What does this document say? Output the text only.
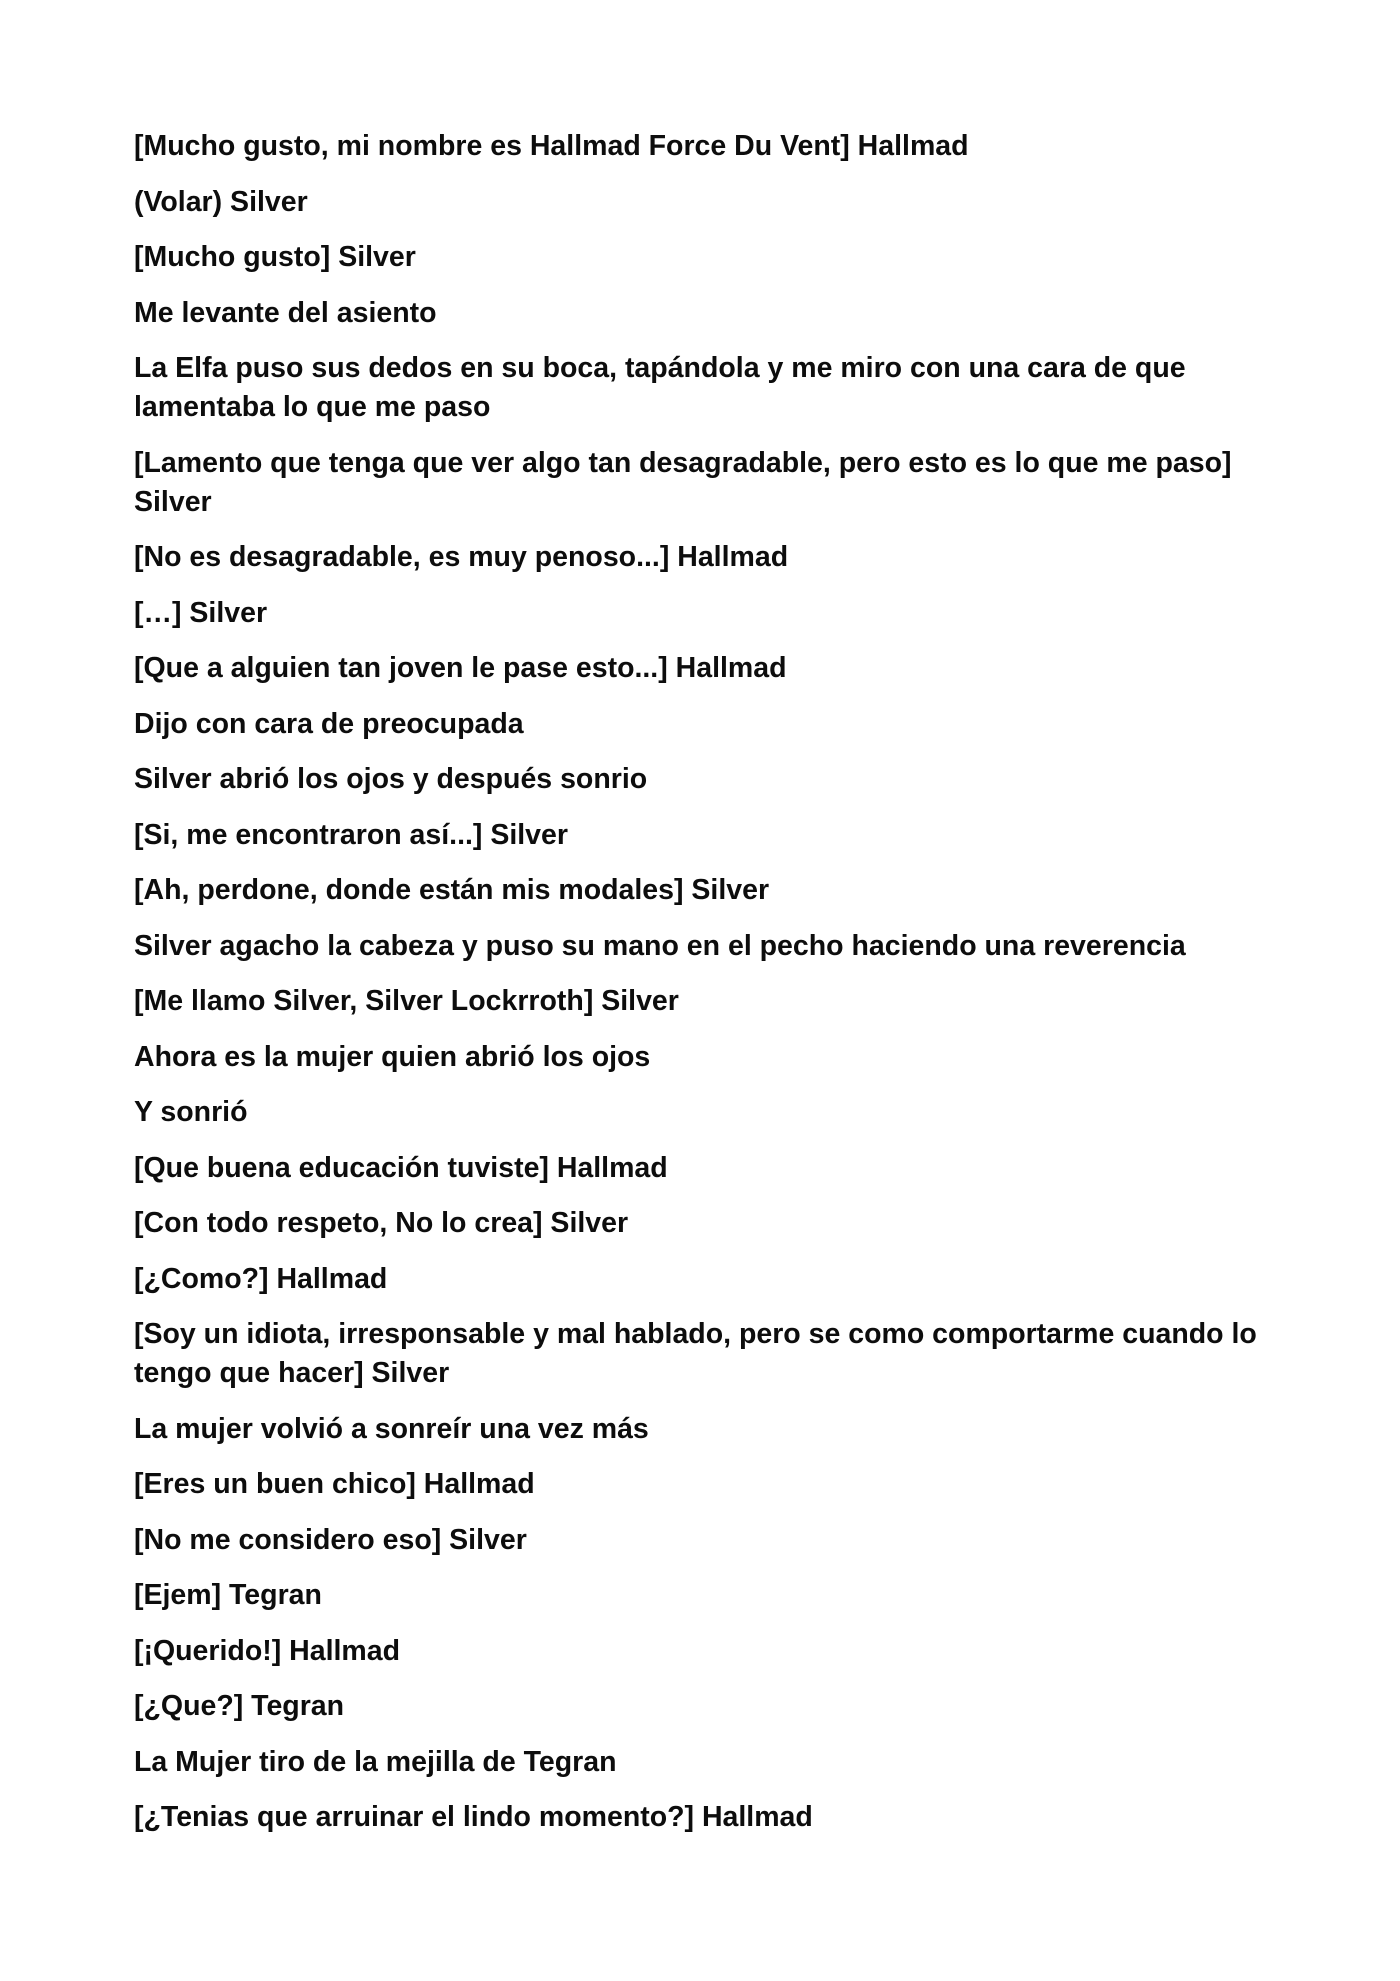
[Mucho gusto, mi nombre es Hallmad Force Du Vent] Hallmad

(Volar) Silver

[Mucho gusto] Silver

Me levante del asiento

La Elfa puso sus dedos en su boca, tapándola y me miro con una cara de que lamentaba lo que me paso

[Lamento que tenga que ver algo tan desagradable, pero esto es lo que me paso] Silver

[No es desagradable, es muy penoso...] Hallmad

[…] Silver

[Que a alguien tan joven le pase esto...] Hallmad

Dijo con cara de preocupada

Silver abrió los ojos y después sonrio

[Si, me encontraron así...] Silver

[Ah, perdone, donde están mis modales] Silver

Silver agacho la cabeza y puso su mano en el pecho haciendo una reverencia

[Me llamo Silver, Silver Lockrroth] Silver

Ahora es la mujer quien abrió los ojos

Y sonrió

[Que buena educación tuviste] Hallmad

[Con todo respeto, No lo crea] Silver

[¿Como?] Hallmad

[Soy un idiota, irresponsable y mal hablado, pero se como comportarme cuando lo tengo que hacer] Silver

La mujer volvió a sonreír una vez más

[Eres un buen chico] Hallmad

[No me considero eso] Silver

[Ejem] Tegran

[¡Querido!] Hallmad

[¿Que?] Tegran

La Mujer tiro de la mejilla de Tegran

[¿Tenias que arruinar el lindo momento?] Hallmad
